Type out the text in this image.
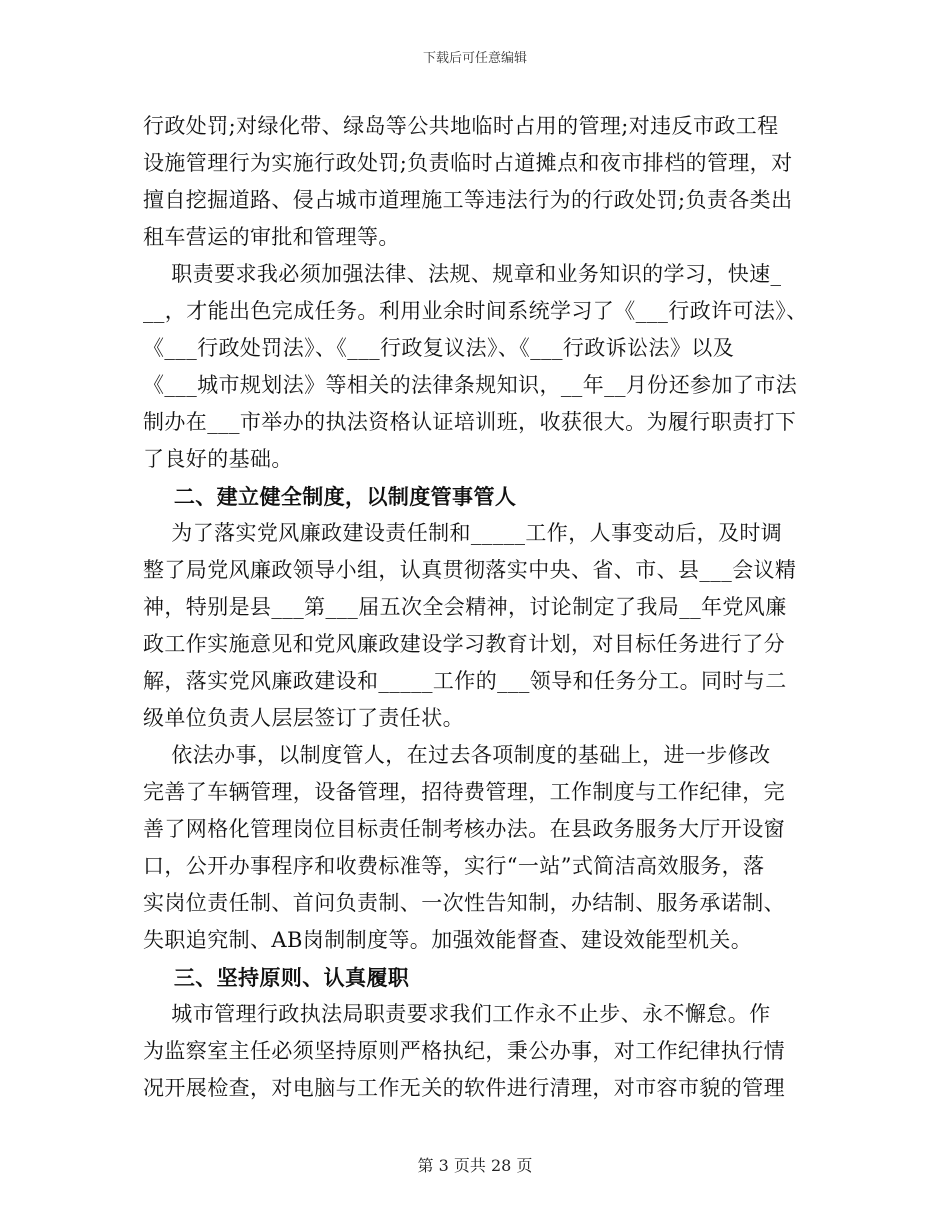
下载后可任意编辑
行政处罚;对绿化带、绿岛等公共地临时占用的管理;对违反市政工程
设施管理行为实施行政处罚;负责临时占道摊点和夜市排档的管理，对
擅自挖掘道路、侵占城市道理施工等违法行为的行政处罚;负责各类出
租车营运的审批和管理等。
职责要求我必须加强法律、法规、规章和业务知识的学习，快速_
__，才能出色完成任务。利用业余时间系统学习了《___行政许可法》、
《___行政处罚法》、《___行政复议法》、《___行政诉讼法》以及
《___城市规划法》等相关的法律条规知识，__年__月份还参加了市法
制办在___市举办的执法资格认证培训班，收获很大。为履行职责打下
了良好的基础。
二、建立健全制度，以制度管事管人
为了落实党风廉政建设责任制和_____工作，人事变动后，及时调
整了局党风廉政领导小组，认真贯彻落实中央、省、市、县___会议精
神，特别是县___第___届五次全会精神，讨论制定了我局__年党风廉
政工作实施意见和党风廉政建设学习教育计划，对目标任务进行了分
解，落实党风廉政建设和_____工作的___领导和任务分工。同时与二
级单位负责人层层签订了责任状。
依法办事，以制度管人，在过去各项制度的基础上，进一步修改
完善了车辆管理，设备管理，招待费管理，工作制度与工作纪律，完
善了网格化管理岗位目标责任制考核办法。在县政务服务大厅开设窗
口，公开办事程序和收费标准等，实行“一站”式简洁高效服务，落
实岗位责任制、首问负责制、一次性告知制，办结制、服务承诺制、
失职追究制、AB岗制制度等。加强效能督查、建设效能型机关。
三、坚持原则、认真履职
城市管理行政执法局职责要求我们工作永不止步、永不懈怠。作
为监察室主任必须坚持原则严格执纪，秉公办事，对工作纪律执行情
况开展检查，对电脑与工作无关的软件进行清理，对市容市貌的管理
第 3 页共 28 页
